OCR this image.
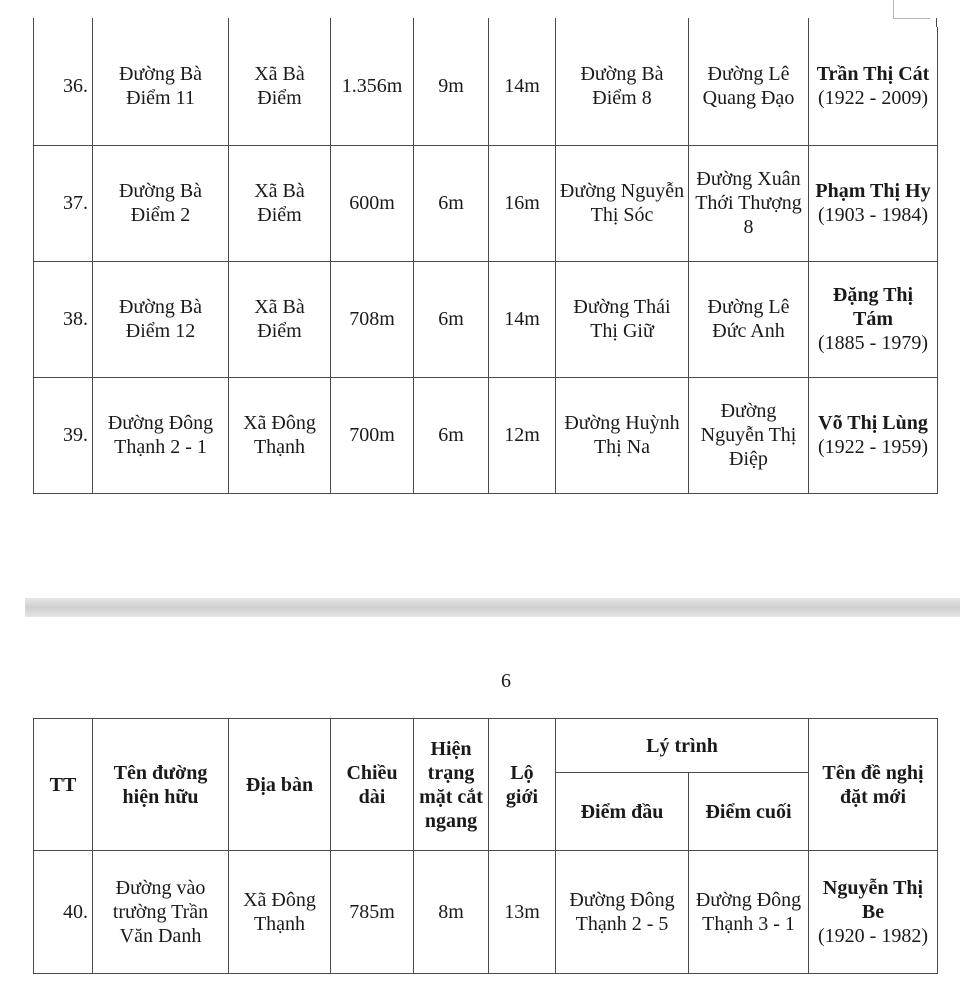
36.	Đường Bà Điểm 11	Xã Bà Điểm	1.356m	9m	14m	Đường Bà Điểm 8	Đường Lê Quang Đạo	Trần Thị Cát
(1922 - 2009)

37.	Đường Bà Điểm 2	Xã Bà Điểm	600m	6m	16m	Đường Nguyễn Thị Sóc	Đường Xuân Thới Thượng 8	Phạm Thị Hy
(1903 - 1984)

38.	Đường Bà Điểm 12	Xã Bà Điểm	708m	6m	14m	Đường Thái Thị Giữ	Đường Lê Đức Anh	Đặng Thị Tám
(1885 - 1979)

39.	Đường Đông Thạnh 2 - 1	Xã Đông Thạnh	700m	6m	12m	Đường Huỳnh Thị Na	Đường Nguyễn Thị Điệp	Võ Thị Lùng
(1922 - 1959)
6
TT	Tên đường hiện hữu	Địa bàn	Chiều dài	Hiện trạng mặt cắt ngang	Lộ giới	Lý trình		Tên đề nghị đặt mới
						Điểm đầu	Điểm cuối	
40.	Đường vào trường Trần Văn Danh	Xã Đông Thạnh	785m	8m	13m	Đường Đông Thạnh 2 - 5	Đường Đông Thạnh 3 - 1	Nguyễn Thị Be
(1920 - 1982)
